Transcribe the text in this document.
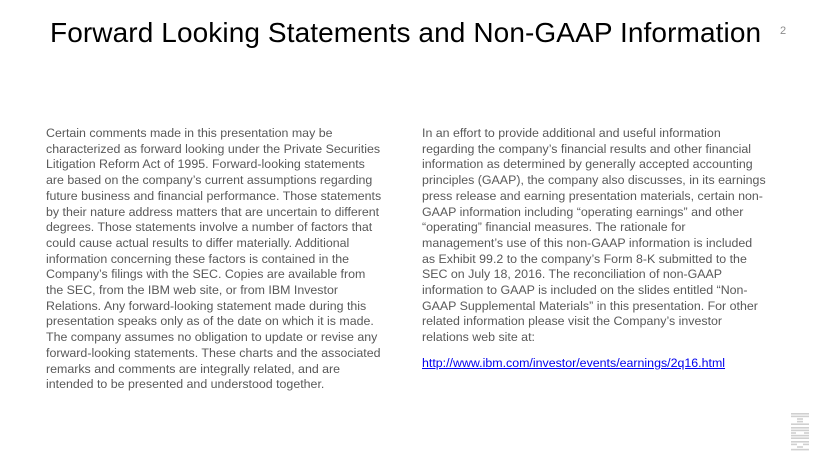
Forward Looking Statements and Non-GAAP Information 2

Certain comments made in this presentation may be characterized as forward looking under the Private Securities Litigation Reform Act of 1995. Forward-looking statements are based on the company’s current assumptions regarding future business and financial performance. Those statements by their nature address matters that are uncertain to different degrees. Those statements involve a number of factors that could cause actual results to differ materially. Additional information concerning these factors is contained in the Company’s filings with the SEC. Copies are available from the SEC, from the IBM web site, or from IBM Investor Relations. Any forward-looking statement made during this presentation speaks only as of the date on which it is made. The company assumes no obligation to update or revise any forward-looking statements. These charts and the associated remarks and comments are integrally related, and are intended to be presented and understood together.

In an effort to provide additional and useful information regarding the company’s financial results and other financial information as determined by generally accepted accounting principles (GAAP), the company also discusses, in its earnings press release and earning presentation materials, certain non-GAAP information including “operating earnings” and other “operating” financial measures. The rationale for management’s use of this non-GAAP information is included as Exhibit 99.2 to the company’s Form 8-K submitted to the SEC on July 18, 2016. The reconciliation of non-GAAP information to GAAP is included on the slides entitled “Non-GAAP Supplemental Materials” in this presentation. For other related information please visit the Company’s investor relations web site at:

http://www.ibm.com/investor/events/earnings/2q16.html
